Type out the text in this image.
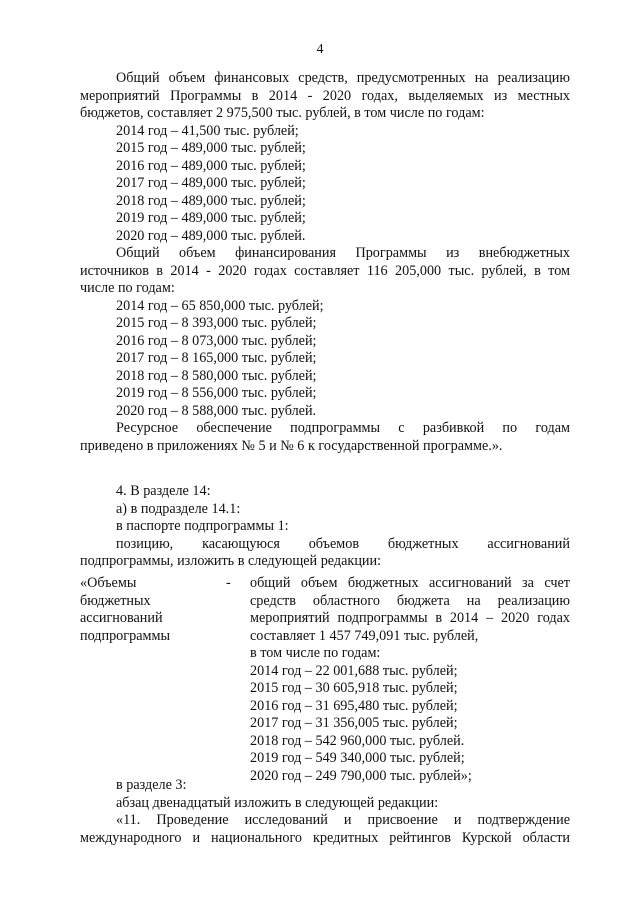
4
Общий объем финансовых средств, предусмотренных на реализацию
мероприятий Программы в 2014 - 2020 годах, выделяемых из местных
бюджетов, составляет 2 975,500 тыс. рублей, в том числе по годам:
2014 год – 41,500 тыс. рублей;
2015 год – 489,000 тыс. рублей;
2016 год – 489,000 тыс. рублей;
2017 год – 489,000 тыс. рублей;
2018 год – 489,000 тыс. рублей;
2019 год – 489,000 тыс. рублей;
2020 год – 489,000 тыс. рублей.
Общий объем финансирования Программы из внебюджетных
источников в 2014 - 2020 годах составляет 116 205,000 тыс. рублей, в том
числе по годам:
2014 год – 65 850,000 тыс. рублей;
2015 год – 8 393,000 тыс. рублей;
2016 год – 8 073,000 тыс. рублей;
2017 год – 8 165,000 тыс. рублей;
2018 год – 8 580,000 тыс. рублей;
2019 год – 8 556,000 тыс. рублей;
2020 год – 8 588,000 тыс. рублей.
Ресурсное обеспечение подпрограммы с разбивкой по годам
приведено в приложениях № 5 и № 6 к государственной программе.».
4. В разделе 14:
а) в подразделе 14.1:
в паспорте подпрограммы 1:
позицию, касающуюся объемов бюджетных ассигнований
подпрограммы, изложить в следующей редакции:
«Объемы
бюджетных
ассигнований
подпрограммы
- общий объем бюджетных ассигнований за счет
средств областного бюджета на реализацию
мероприятий подпрограммы в 2014 – 2020 годах
составляет 1 457 749,091 тыс. рублей,
в том числе по годам:
2014 год – 22 001,688 тыс. рублей;
2015 год – 30 605,918 тыс. рублей;
2016 год – 31 695,480 тыс. рублей;
2017 год – 31 356,005 тыс. рублей;
2018 год – 542 960,000 тыс. рублей.
2019 год – 549 340,000 тыс. рублей;
2020 год – 249 790,000 тыс. рублей»;
в разделе 3:
абзац двенадцатый изложить в следующей редакции:
«11. Проведение исследований и присвоение и подтверждение
международного и национального кредитных рейтингов Курской области
